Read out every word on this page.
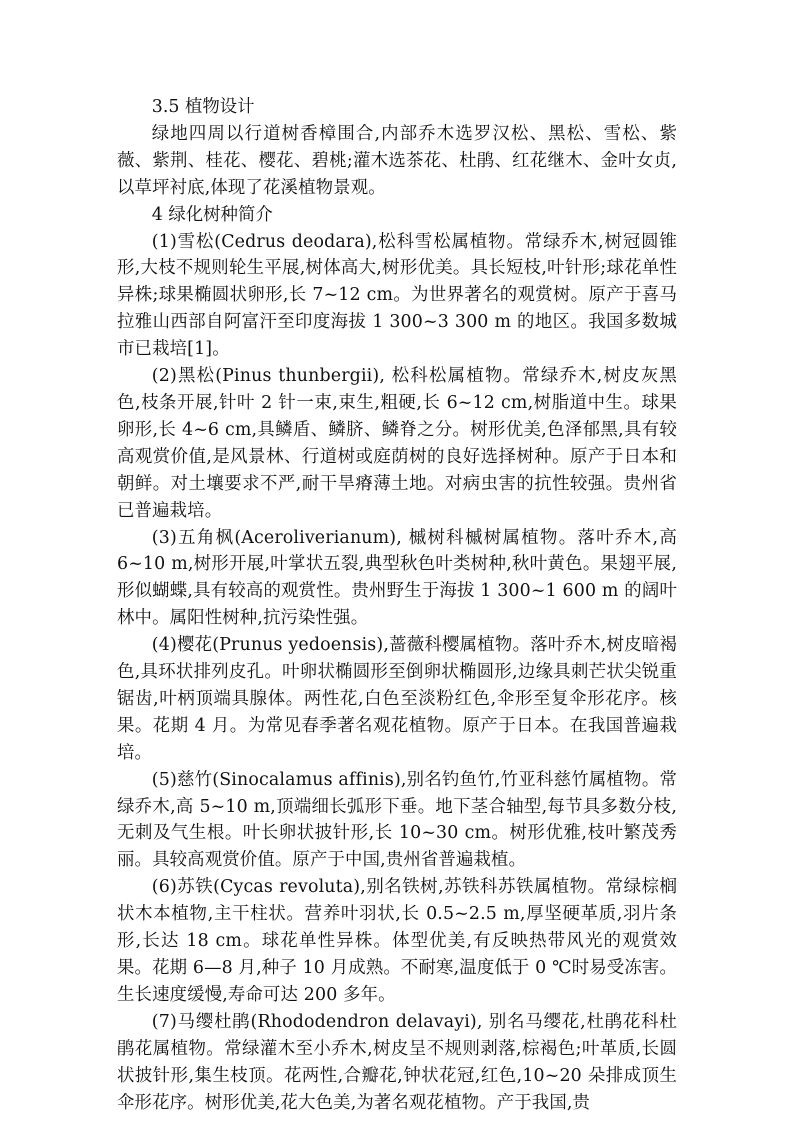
3.5 植物设计

绿地四周以行道树香樟围合,内部乔木选罗汉松、黑松、雪松、紫薇、紫荆、桂花、樱花、碧桃;灌木选茶花、杜鹃、红花继木、金叶女贞,以草坪衬底,体现了花溪植物景观。

4 绿化树种简介

(1)雪松(Cedrus deodara),松科雪松属植物。常绿乔木,树冠圆锥形,大枝不规则轮生平展,树体高大,树形优美。具长短枝,叶针形;球花单性异株;球果椭圆状卵形,长 7~12 cm。为世界著名的观赏树。原产于喜马拉雅山西部自阿富汗至印度海拔 1 300~3 300 m 的地区。我国多数城市已栽培[1]。

(2)黑松(Pinus thunbergii), 松科松属植物。常绿乔木,树皮灰黑色,枝条开展,针叶 2 针一束,束生,粗硬,长 6~12 cm,树脂道中生。球果卵形,长 4~6 cm,具鳞盾、鳞脐、鳞脊之分。树形优美,色泽郁黑,具有较高观赏价值,是风景林、行道树或庭荫树的良好选择树种。原产于日本和朝鲜。对土壤要求不严,耐干旱瘠薄土地。对病虫害的抗性较强。贵州省已普遍栽培。

(3)五角枫(Aceroliverianum), 槭树科槭树属植物。落叶乔木,高 6~10 m,树形开展,叶掌状五裂,典型秋色叶类树种,秋叶黄色。果翅平展,形似蝴蝶,具有较高的观赏性。贵州野生于海拔 1 300~1 600 m 的阔叶林中。属阳性树种,抗污染性强。

(4)樱花(Prunus yedoensis),蔷薇科樱属植物。落叶乔木,树皮暗褐色,具环状排列皮孔。叶卵状椭圆形至倒卵状椭圆形,边缘具刺芒状尖锐重锯齿,叶柄顶端具腺体。两性花,白色至淡粉红色,伞形至复伞形花序。核果。花期 4 月。为常见春季著名观花植物。原产于日本。在我国普遍栽培。

(5)慈竹(Sinocalamus affinis),别名钓鱼竹,竹亚科慈竹属植物。常绿乔木,高 5~10 m,顶端细长弧形下垂。地下茎合轴型,每节具多数分枝,无刺及气生根。叶长卵状披针形,长 10~30 cm。树形优雅,枝叶繁茂秀丽。具较高观赏价值。原产于中国,贵州省普遍栽植。

(6)苏铁(Cycas revoluta),别名铁树,苏铁科苏铁属植物。常绿棕榈状木本植物,主干柱状。营养叶羽状,长 0.5~2.5 m,厚坚硬革质,羽片条形,长达 18 cm。球花单性异株。体型优美,有反映热带风光的观赏效果。花期 6—8 月,种子 10 月成熟。不耐寒,温度低于 0 ℃时易受冻害。生长速度缓慢,寿命可达 200 多年。

(7)马缨杜鹃(Rhododendron delavayi), 别名马缨花,杜鹃花科杜鹃花属植物。常绿灌木至小乔木,树皮呈不规则剥落,棕褐色;叶革质,长圆状披针形,集生枝顶。花两性,合瓣花,钟状花冠,红色,10~20 朵排成顶生伞形花序。树形优美,花大色美,为著名观花植物。产于我国,贵
